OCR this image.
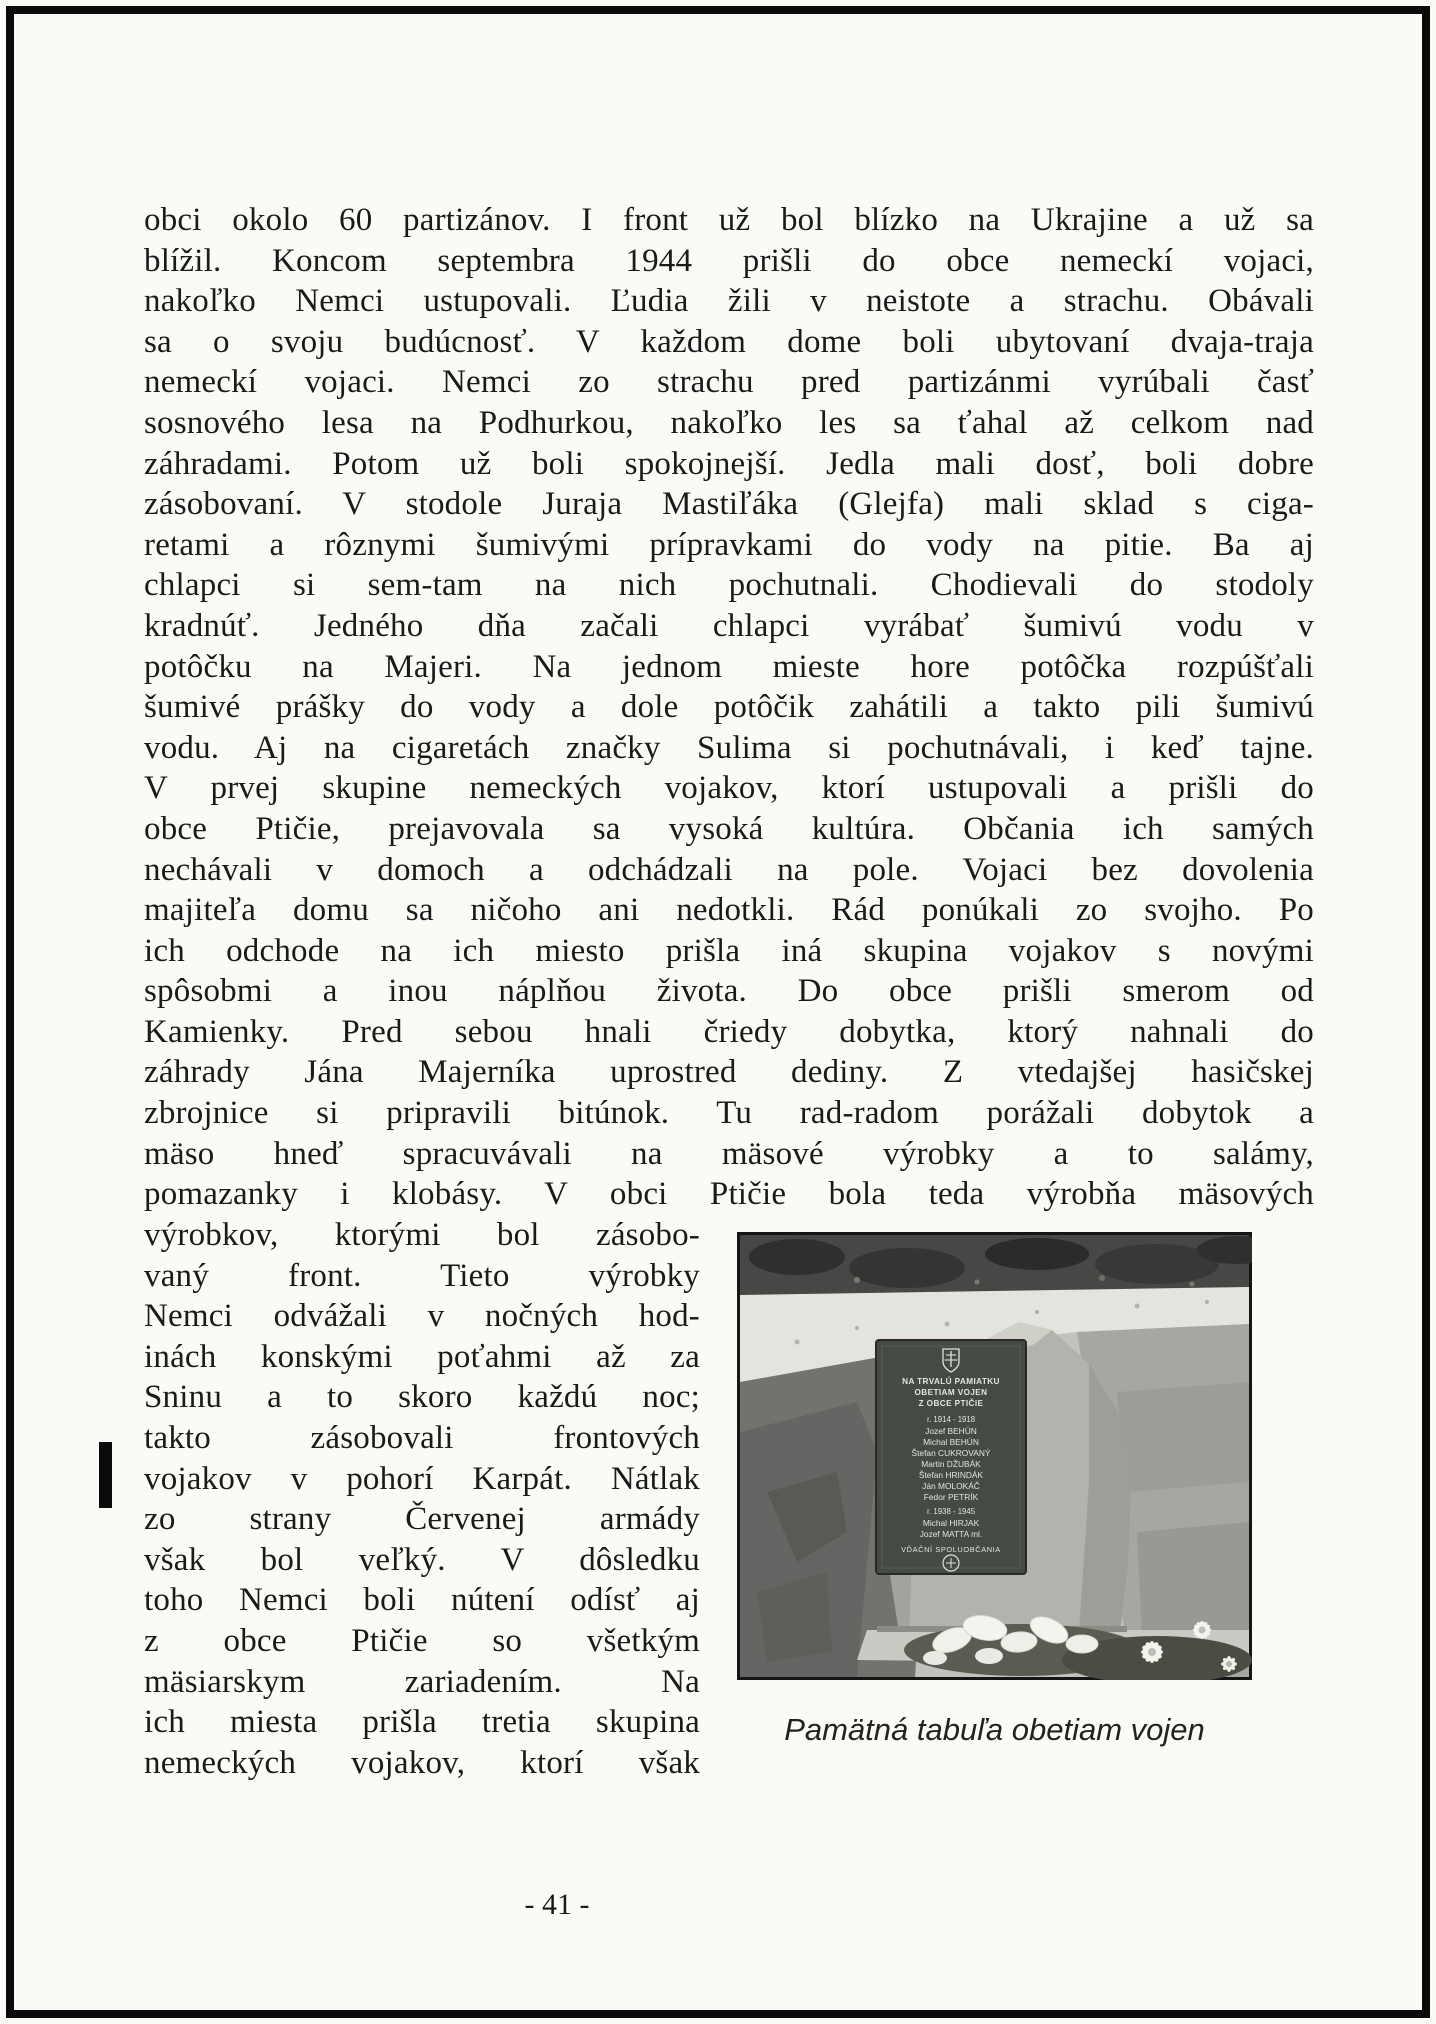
obci okolo 60 partizánov. I front už bol blízko na Ukrajine a už sa
blížil. Koncom septembra 1944 prišli do obce nemeckí vojaci,
nakoľko Nemci ustupovali. Ľudia žili v neistote a strachu. Obávali
sa o svoju budúcnosť. V každom dome boli ubytovaní dvaja-traja
nemeckí vojaci. Nemci zo strachu pred partizánmi vyrúbali časť
sosnového lesa na Podhurkou, nakoľko les sa ťahal až celkom nad
záhradami. Potom už boli spokojnejší. Jedla mali dosť, boli dobre
zásobovaní. V stodole Juraja Mastiľáka (Glejfa) mali sklad s ciga-
retami a rôznymi šumivými prípravkami do vody na pitie. Ba aj
chlapci si sem-tam na nich pochutnali. Chodievali do stodoly
kradnúť. Jedného dňa začali chlapci vyrábať šumivú vodu v
potôčku na Majeri. Na jednom mieste hore potôčka rozpúšťali
šumivé prášky do vody a dole potôčik zahátili a takto pili šumivú
vodu. Aj na cigaretách značky Sulima si pochutnávali, i keď tajne.
V prvej skupine nemeckých vojakov, ktorí ustupovali a prišli do
obce Ptičie, prejavovala sa vysoká kultúra. Občania ich samých
nechávali v domoch a odchádzali na pole. Vojaci bez dovolenia
majiteľa domu sa ničoho ani nedotkli. Rád ponúkali zo svojho. Po
ich odchode na ich miesto prišla iná skupina vojakov s novými
spôsobmi a inou náplňou života. Do obce prišli smerom od
Kamienky. Pred sebou hnali čriedy dobytka, ktorý nahnali do
záhrady Jána Majerníka uprostred dediny. Z vtedajšej hasičskej
zbrojnice si pripravili bitúnok. Tu rad-radom porážali dobytok a
mäso hneď spracuvávali na mäsové výrobky a to salámy,
pomazanky i klobásy. V obci Ptičie bola teda výrobňa mäsových
výrobkov, ktorými bol zásobo-
vaný front. Tieto výrobky
Nemci odvážali v nočných hod-
inách konskými poťahmi až za
Sninu a to skoro každú noc;
takto zásobovali frontových
vojakov v pohorí Karpát. Nátlak
zo strany Červenej armády
však bol veľký. V dôsledku
toho Nemci boli nútení odísť aj
z obce Ptičie so všetkým
mäsiarskym zariadením. Na
ich miesta prišla tretia skupina
nemeckých vojakov, ktorí však
NA TRVALÚ PAMIATKU
OBETIAM VOJEN
Z OBCE PTIČIE
r. 1914 - 1918
Jozef BEHÚN
Michal BEHÚN
Štefan CUKROVANÝ
Martin DŽUBÁK
Štefan HRINDÁK
Ján MOLOKÁČ
Fedor PETRÍK
r. 1938 - 1945
Michal HIRJAK
Jozef MATTA ml.
VĎAČNÍ SPOLUOBČANIA
Pamätná tabuľa obetiam vojen
- 41 -
